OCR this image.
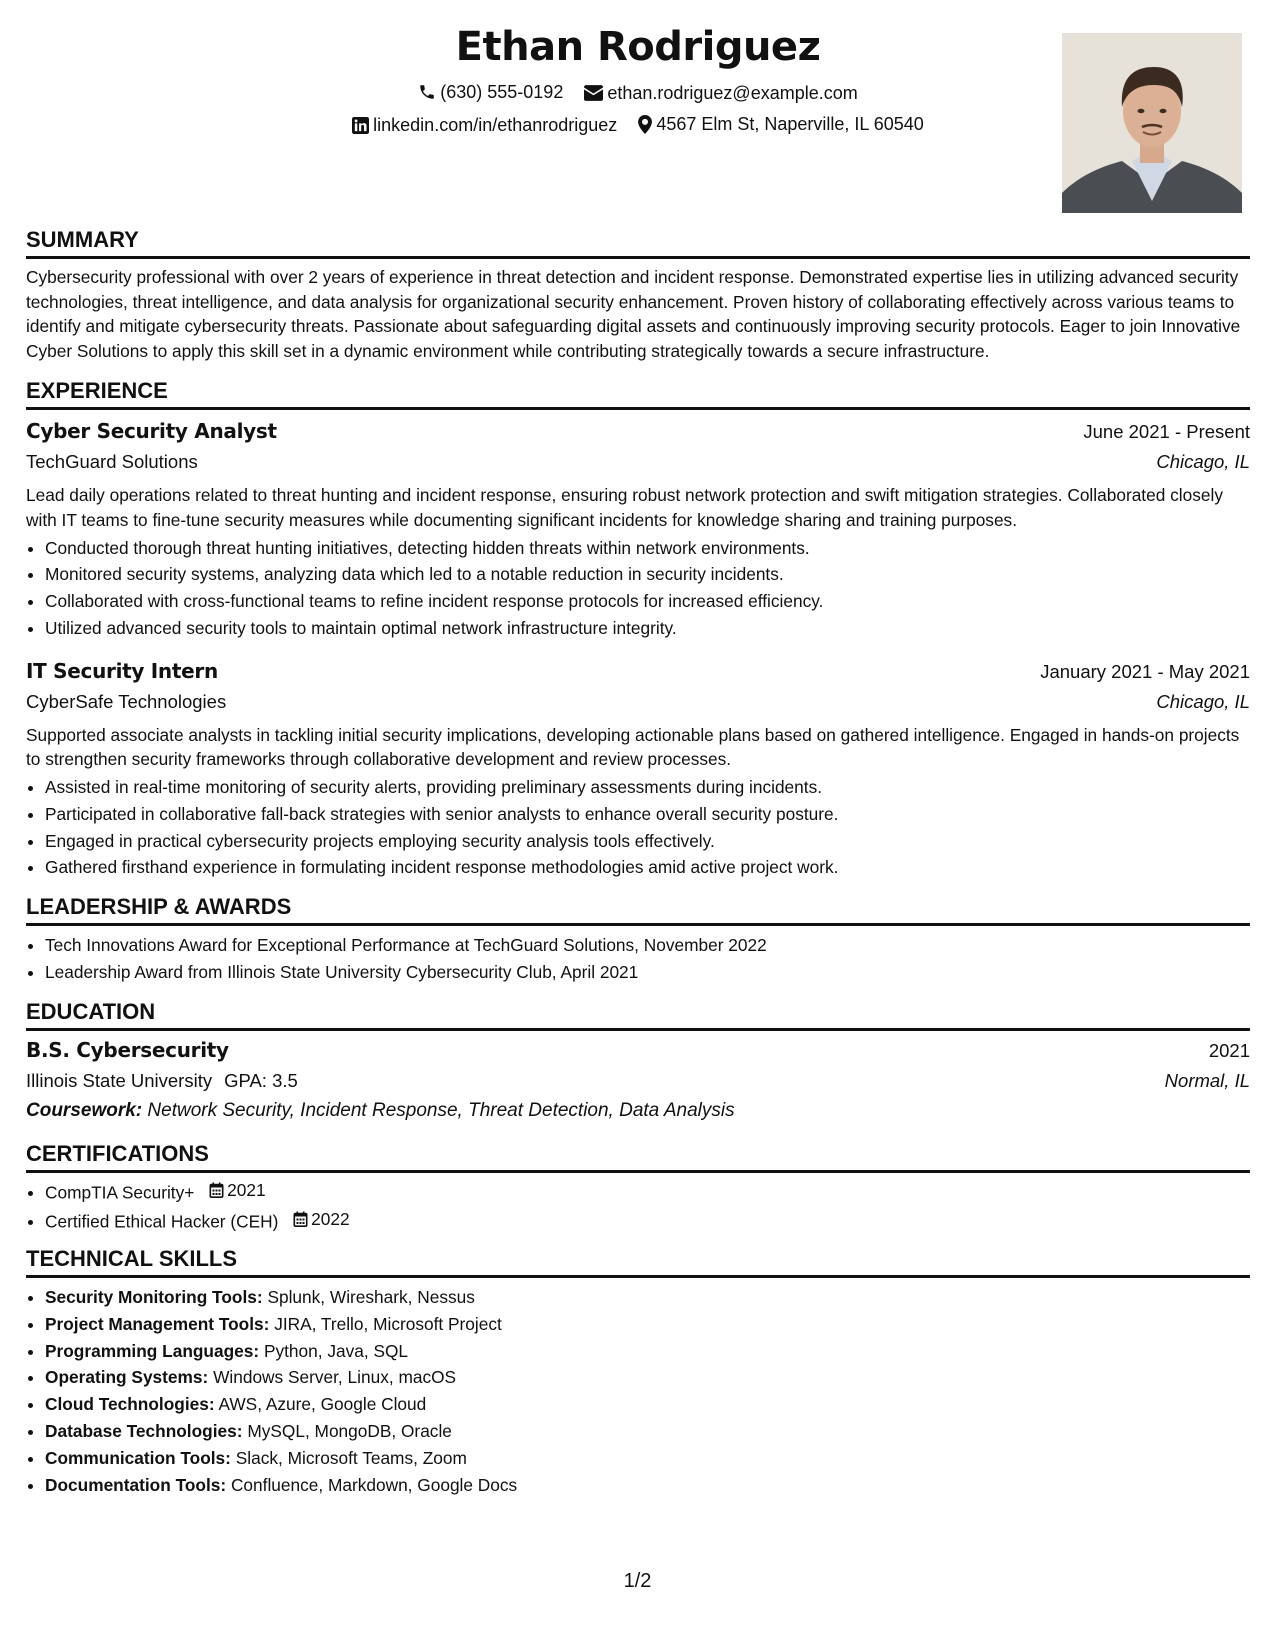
Ethan Rodriguez
(630) 555-0192
ethan.rodriguez@example.com
linkedin.com/in/ethanrodriguez
4567 Elm St, Naperville, IL 60540
SUMMARY

Cybersecurity professional with over 2 years of experience in threat detection and incident response. Demonstrated expertise lies in utilizing advanced security technologies, threat intelligence, and data analysis for organizational security enhancement. Proven history of collaborating effectively across various teams to identify and mitigate cybersecurity threats. Passionate about safeguarding digital assets and continuously improving security protocols. Eager to join Innovative Cyber Solutions to apply this skill set in a dynamic environment while contributing strategically towards a secure infrastructure.

EXPERIENCE
Cyber Security Analyst	June 2021 - Present
TechGuard Solutions	Chicago, IL

Lead daily operations related to threat hunting and incident response, ensuring robust network protection and swift mitigation strategies. Collaborated closely with IT teams to fine-tune security measures while documenting significant incidents for knowledge sharing and training purposes.

• Conducted thorough threat hunting initiatives, detecting hidden threats within network environments.
• Monitored security systems, analyzing data which led to a notable reduction in security incidents.
• Collaborated with cross-functional teams to refine incident response protocols for increased efficiency.
• Utilized advanced security tools to maintain optimal network infrastructure integrity.
IT Security Intern	January 2021 - May 2021
CyberSafe Technologies	Chicago, IL

Supported associate analysts in tackling initial security implications, developing actionable plans based on gathered intelligence. Engaged in hands-on projects to strengthen security frameworks through collaborative development and review processes.

• Assisted in real-time monitoring of security alerts, providing preliminary assessments during incidents.
• Participated in collaborative fall-back strategies with senior analysts to enhance overall security posture.
• Engaged in practical cybersecurity projects employing security analysis tools effectively.
• Gathered firsthand experience in formulating incident response methodologies amid active project work.
LEADERSHIP & AWARDS
• Tech Innovations Award for Exceptional Performance at TechGuard Solutions, November 2022
• Leadership Award from Illinois State University Cybersecurity Club, April 2021
EDUCATION
B.S. Cybersecurity	2021
Illinois State University GPA: 3.5	Normal, IL
Coursework: Network Security, Incident Response, Threat Detection, Data Analysis
CERTIFICATIONS
• CompTIA Security+ 2021
• Certified Ethical Hacker (CEH) 2022
TECHNICAL SKILLS
• Security Monitoring Tools: Splunk, Wireshark, Nessus
• Project Management Tools: JIRA, Trello, Microsoft Project
• Programming Languages: Python, Java, SQL
• Operating Systems: Windows Server, Linux, macOS
• Cloud Technologies: AWS, Azure, Google Cloud
• Database Technologies: MySQL, MongoDB, Oracle
• Communication Tools: Slack, Microsoft Teams, Zoom
• Documentation Tools: Confluence, Markdown, Google Docs
1/2
